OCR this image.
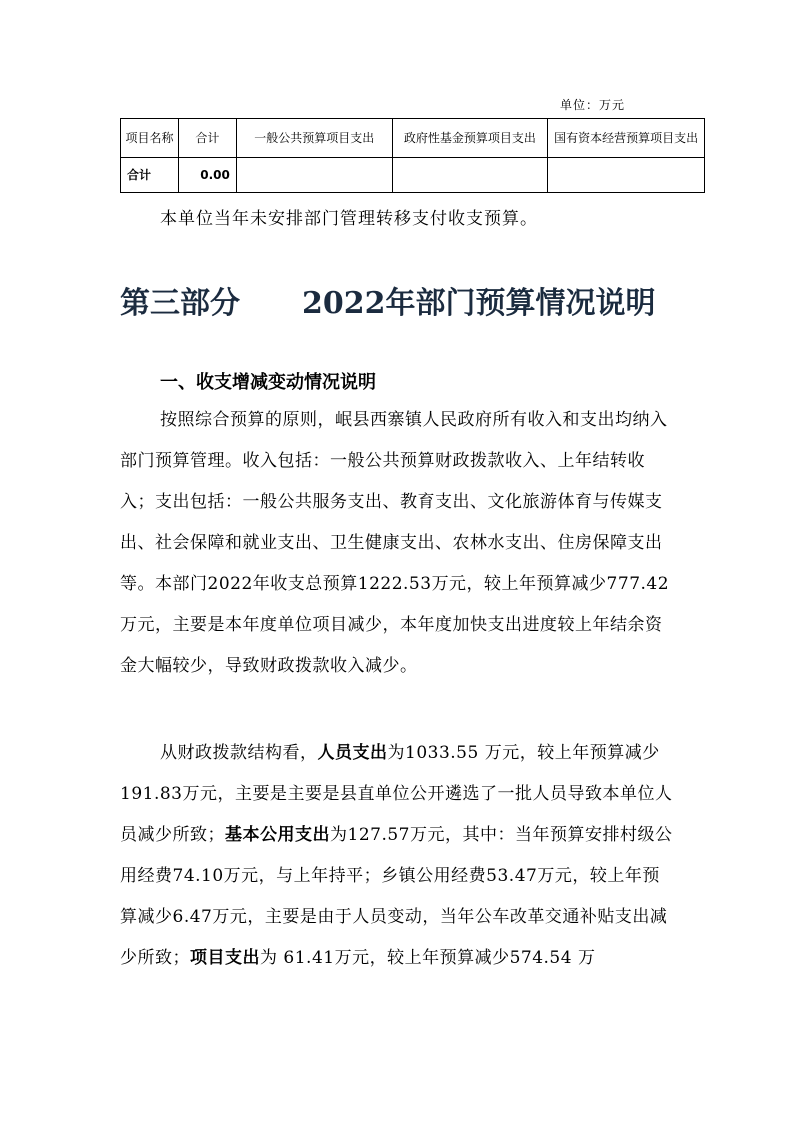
单位：万元
项目名称	合计	一般公共预算项目支出	政府性基金预算项目支出	国有资本经营预算项目支出
合计	0.00			
本单位当年未安排部门管理转移支付收支预算。
第三部分 2022年部门预算情况说明
一、收支增减变动情况说明
按照综合预算的原则，岷县西寨镇人民政府所有收入和支出均纳入部门预算管理。收入包括：一般公共预算财政拨款收入、上年结转收入；支出包括：一般公共服务支出、教育支出、文化旅游体育与传媒支出、社会保障和就业支出、卫生健康支出、农林水支出、住房保障支出等。本部门2022年收支总预算1222.53万元，较上年预算减少777.42万元，主要是本年度单位项目减少，本年度加快支出进度较上年结余资金大幅较少，导致财政拨款收入减少。
从财政拨款结构看，人员支出为1033.55 万元，较上年预算减少191.83万元，主要是主要是县直单位公开遴选了一批人员导致本单位人员减少所致；基本公用支出为127.57万元，其中：当年预算安排村级公用经费74.10万元，与上年持平；乡镇公用经费53.47万元，较上年预算减少6.47万元，主要是由于人员变动，当年公车改革交通补贴支出减少所致；项目支出为 61.41万元，较上年预算减少574.54 万
